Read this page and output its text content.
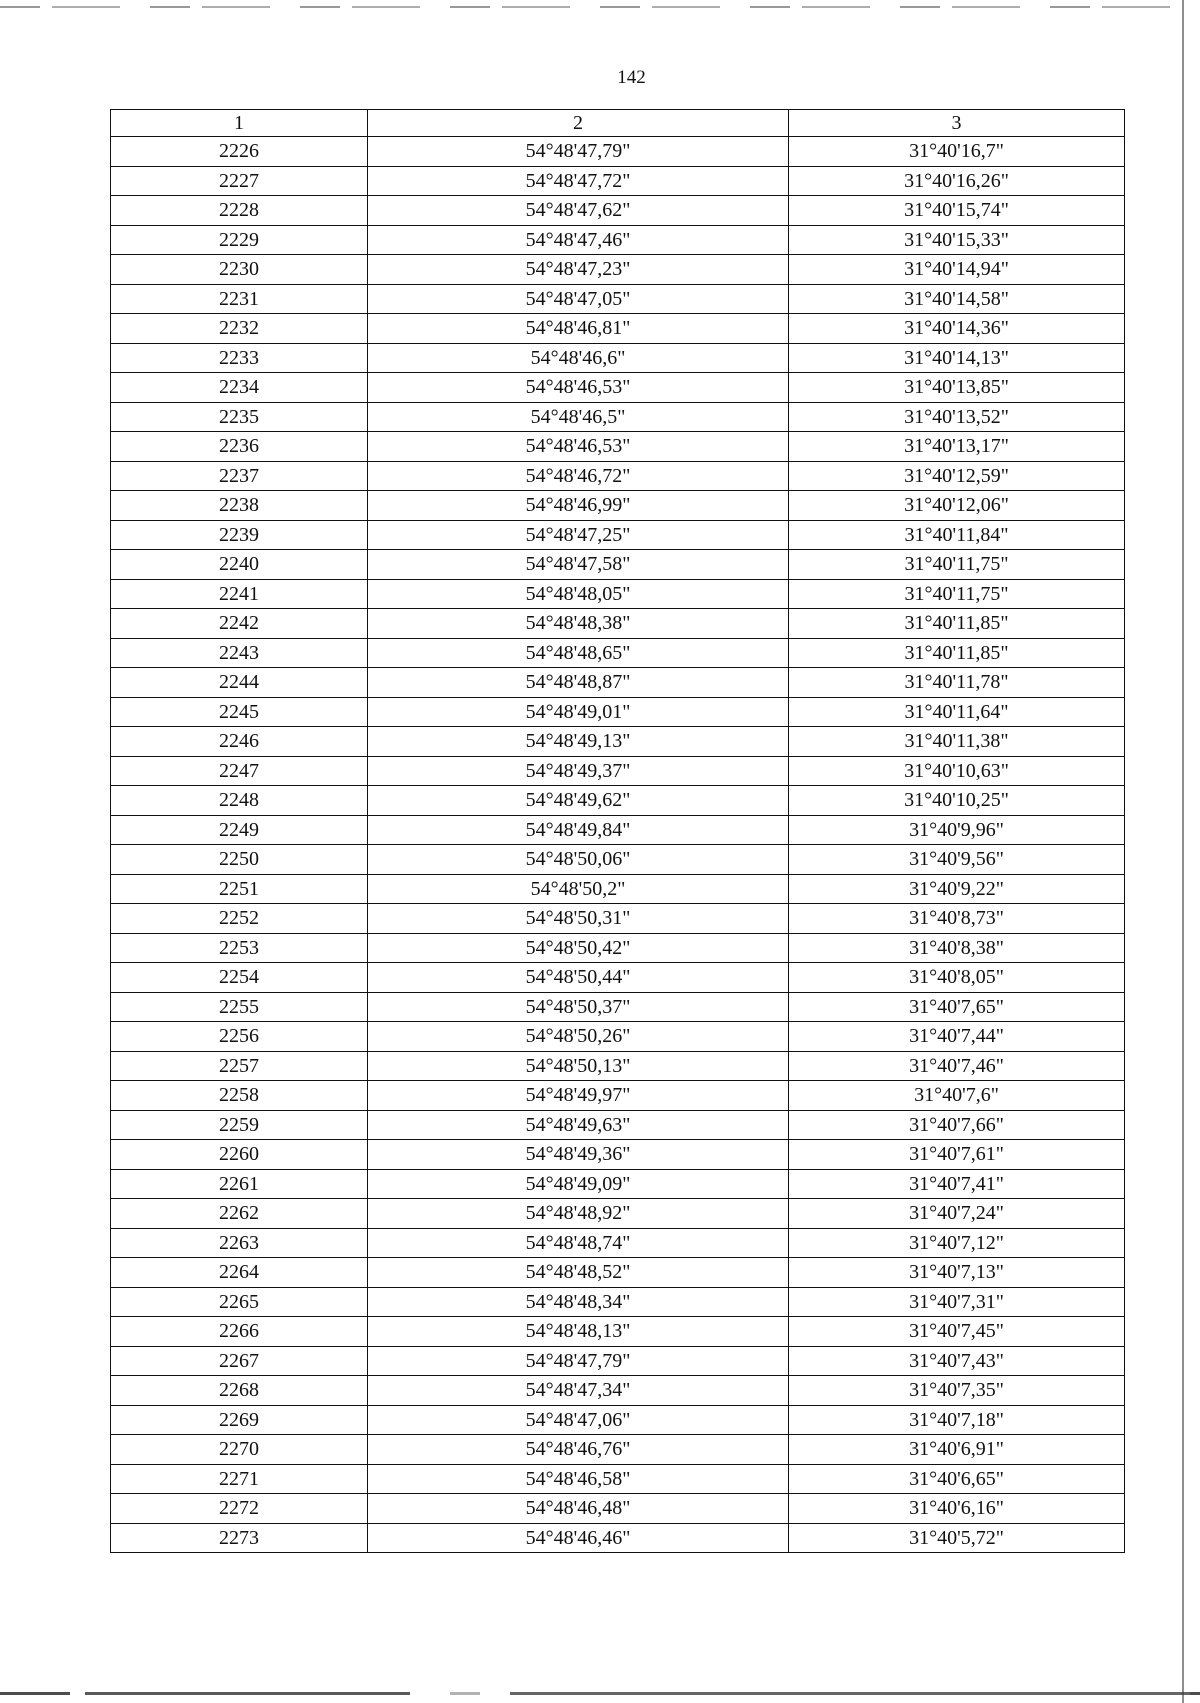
142
1	2	3
2226	54°48'47,79"	31°40'16,7"
2227	54°48'47,72"	31°40'16,26"
2228	54°48'47,62"	31°40'15,74"
2229	54°48'47,46"	31°40'15,33"
2230	54°48'47,23"	31°40'14,94"
2231	54°48'47,05"	31°40'14,58"
2232	54°48'46,81"	31°40'14,36"
2233	54°48'46,6"	31°40'14,13"
2234	54°48'46,53"	31°40'13,85"
2235	54°48'46,5"	31°40'13,52"
2236	54°48'46,53"	31°40'13,17"
2237	54°48'46,72"	31°40'12,59"
2238	54°48'46,99"	31°40'12,06"
2239	54°48'47,25"	31°40'11,84"
2240	54°48'47,58"	31°40'11,75"
2241	54°48'48,05"	31°40'11,75"
2242	54°48'48,38"	31°40'11,85"
2243	54°48'48,65"	31°40'11,85"
2244	54°48'48,87"	31°40'11,78"
2245	54°48'49,01"	31°40'11,64"
2246	54°48'49,13"	31°40'11,38"
2247	54°48'49,37"	31°40'10,63"
2248	54°48'49,62"	31°40'10,25"
2249	54°48'49,84"	31°40'9,96"
2250	54°48'50,06"	31°40'9,56"
2251	54°48'50,2"	31°40'9,22"
2252	54°48'50,31"	31°40'8,73"
2253	54°48'50,42"	31°40'8,38"
2254	54°48'50,44"	31°40'8,05"
2255	54°48'50,37"	31°40'7,65"
2256	54°48'50,26"	31°40'7,44"
2257	54°48'50,13"	31°40'7,46"
2258	54°48'49,97"	31°40'7,6"
2259	54°48'49,63"	31°40'7,66"
2260	54°48'49,36"	31°40'7,61"
2261	54°48'49,09"	31°40'7,41"
2262	54°48'48,92"	31°40'7,24"
2263	54°48'48,74"	31°40'7,12"
2264	54°48'48,52"	31°40'7,13"
2265	54°48'48,34"	31°40'7,31"
2266	54°48'48,13"	31°40'7,45"
2267	54°48'47,79"	31°40'7,43"
2268	54°48'47,34"	31°40'7,35"
2269	54°48'47,06"	31°40'7,18"
2270	54°48'46,76"	31°40'6,91"
2271	54°48'46,58"	31°40'6,65"
2272	54°48'46,48"	31°40'6,16"
2273	54°48'46,46"	31°40'5,72"
